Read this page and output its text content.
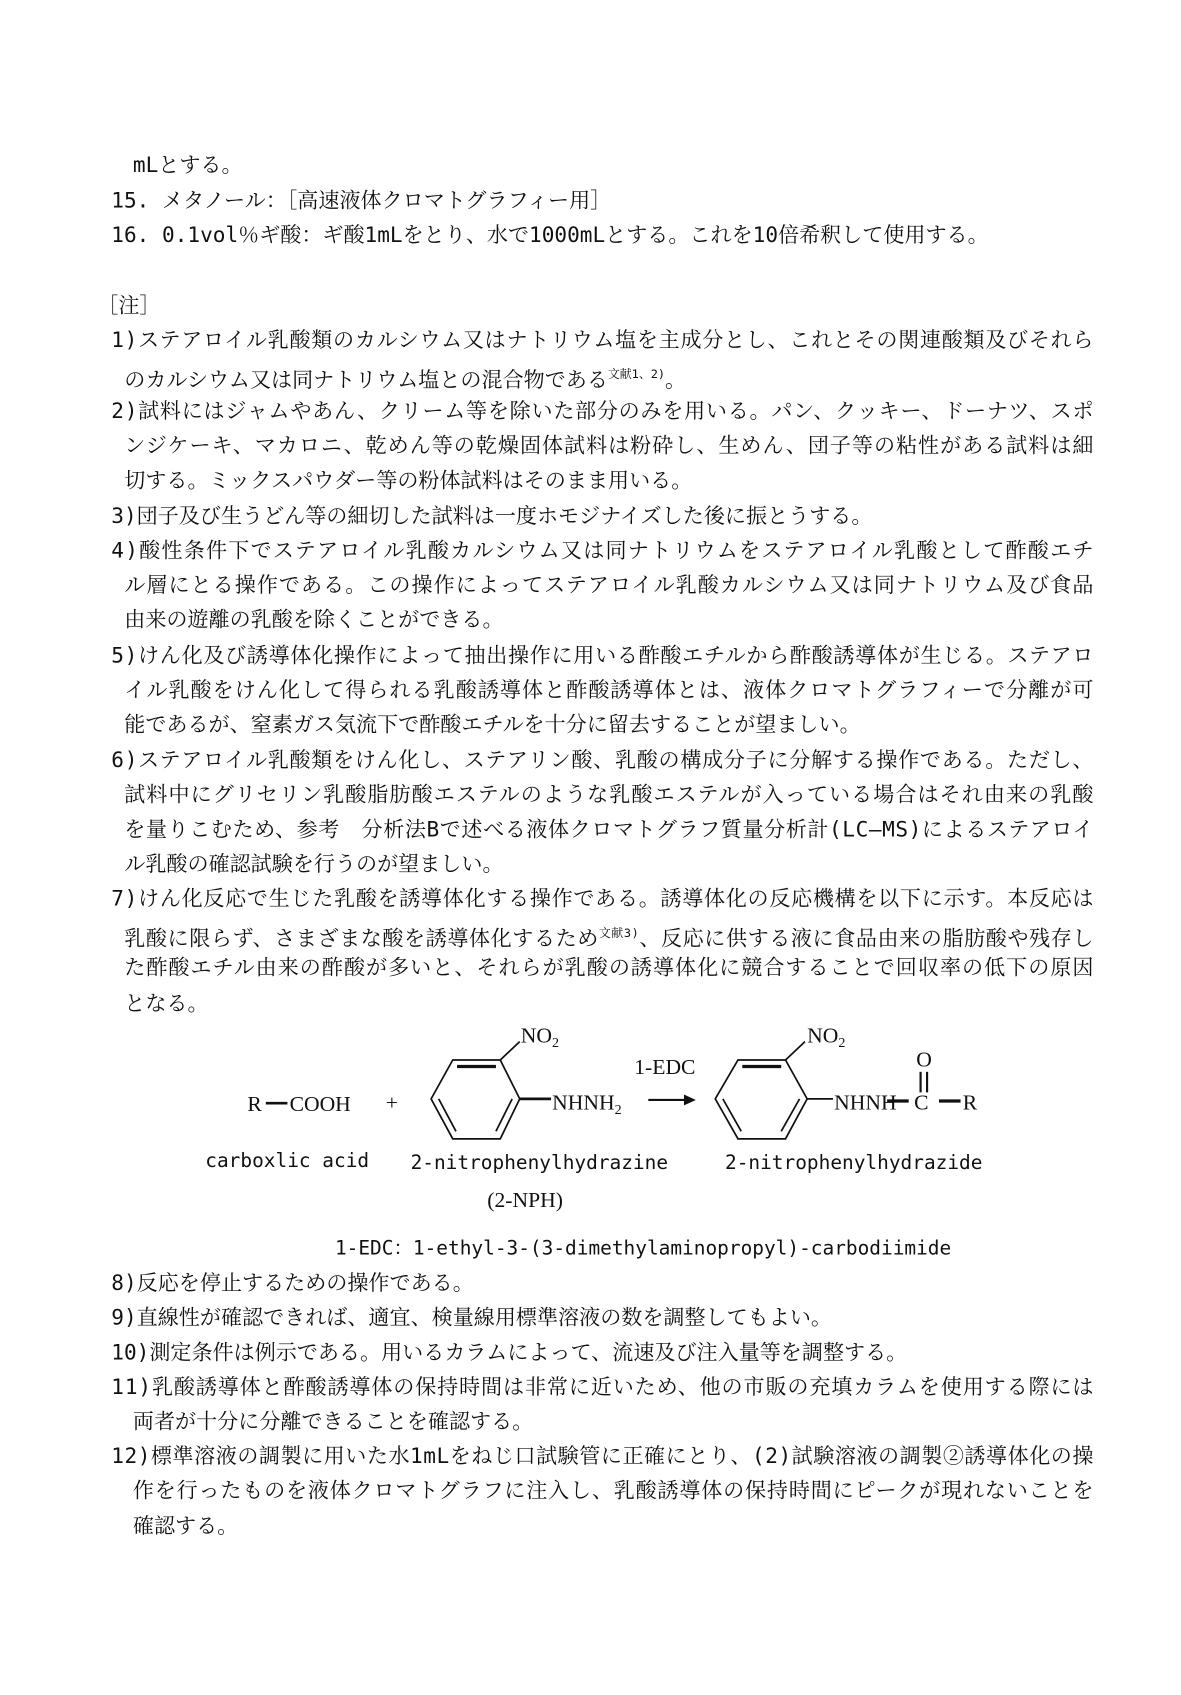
mLとする。
15. メタノール：［高速液体クロマトグラフィー用］
16. 0.1vol％ギ酸：ギ酸1mLをとり、水で1000mLとする。これを10倍希釈して使用する。
［注］
1)ステアロイル乳酸類のカルシウム又はナトリウム塩を主成分とし、これとその関連酸類及びそれら
のカルシウム又は同ナトリウム塩との混合物である$^{文献1、2)}$。
2)試料にはジャムやあん、クリーム等を除いた部分のみを用いる。パン、クッキー、ドーナツ、スポ
ンジケーキ、マカロニ、乾めん等の乾燥固体試料は粉砕し、生めん、団子等の粘性がある試料は細
切する。ミックスパウダー等の粉体試料はそのまま用いる。
3)団子及び生うどん等の細切した試料は一度ホモジナイズした後に振とうする。
4)酸性条件下でステアロイル乳酸カルシウム又は同ナトリウムをステアロイル乳酸として酢酸エチ
ル層にとる操作である。この操作によってステアロイル乳酸カルシウム又は同ナトリウム及び食品
由来の遊離の乳酸を除くことができる。
5)けん化及び誘導体化操作によって抽出操作に用いる酢酸エチルから酢酸誘導体が生じる。ステアロ
イル乳酸をけん化して得られる乳酸誘導体と酢酸誘導体とは、液体クロマトグラフィーで分離が可
能であるが、窒素ガス気流下で酢酸エチルを十分に留去することが望ましい。
6)ステアロイル乳酸類をけん化し、ステアリン酸、乳酸の構成分子に分解する操作である。ただし、
試料中にグリセリン乳酸脂肪酸エステルのような乳酸エステルが入っている場合はそれ由来の乳酸
を量りこむため、参考　分析法Bで述べる液体クロマトグラフ質量分析計(LC―MS)によるステアロイ
ル乳酸の確認試験を行うのが望ましい。
7)けん化反応で生じた乳酸を誘導体化する操作である。誘導体化の反応機構を以下に示す。本反応は
乳酸に限らず、さまざまな酸を誘導体化するため$^{文献3)}$、反応に供する液に食品由来の脂肪酸や残存し
た酢酸エチル由来の酢酸が多いと、それらが乳酸の誘導体化に競合することで回収率の低下の原因
となる。
8)反応を停止するための操作である。
9)直線性が確認できれば、適宜、検量線用標準溶液の数を調整してもよい。
10)測定条件は例示である。用いるカラムによって、流速及び注入量等を調整する。
11)乳酸誘導体と酢酸誘導体の保持時間は非常に近いため、他の市販の充填カラムを使用する際には
両者が十分に分離できることを確認する。
12)標準溶液の調製に用いた水1mLをねじ口試験管に正確にとり、(2)試験溶液の調製②誘導体化の操
作を行ったものを液体クロマトグラフに注入し、乳酸誘導体の保持時間にピークが現れないことを
確認する。
R COOH +
$NO_2$
$NHNH_2$
1-EDC
$NO_2$
NHNH C
O
R
carboxlic acid 2-nitrophenylhydrazine
(2-NPH)
2-nitrophenylhydrazide
1-EDC：1-ethyl-3-(3-dimethylaminopropyl)-carbodiimide
